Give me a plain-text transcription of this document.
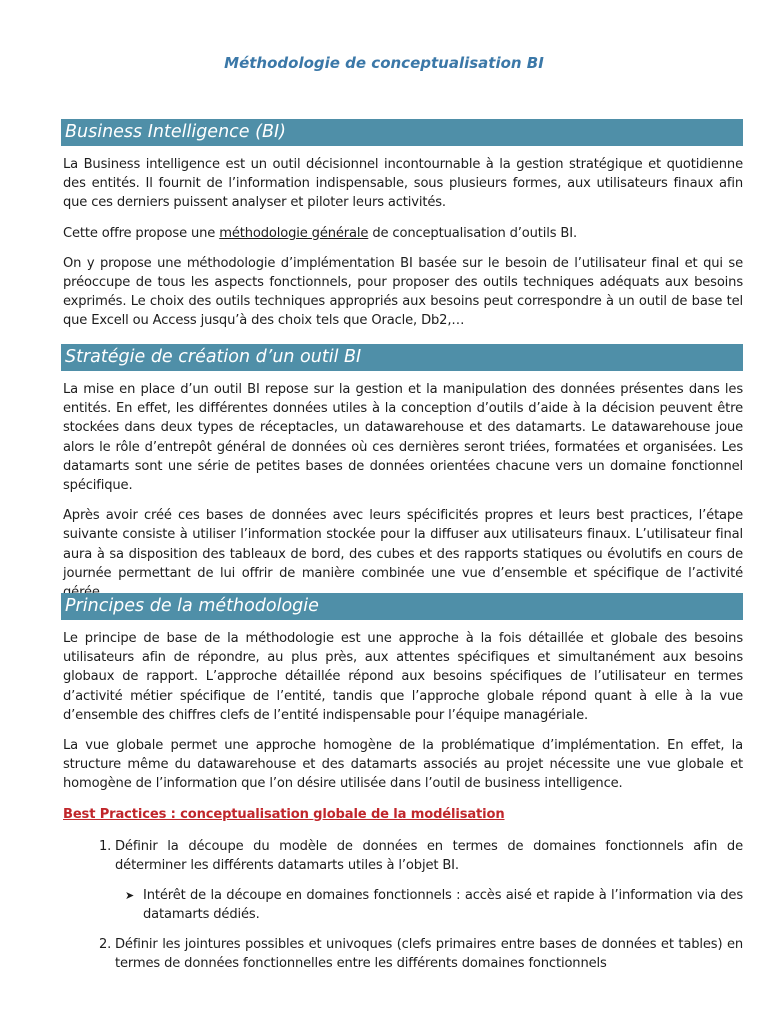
Méthodologie de conceptualisation BI
Business Intelligence (BI)

La Business intelligence est un outil décisionnel incontournable à la gestion stratégique et quotidienne des entités. Il fournit de l’information indispensable, sous plusieurs formes, aux utilisateurs finaux afin que ces derniers puissent analyser et piloter leurs activités.

Cette offre propose une méthodologie générale de conceptualisation d’outils BI.

On y propose une méthodologie d’implémentation BI basée sur le besoin de l’utilisateur final et qui se préoccupe de tous les aspects fonctionnels, pour proposer des outils techniques adéquats aux besoins exprimés. Le choix des outils techniques appropriés aux besoins peut correspondre à un outil de base tel que Excell ou Access jusqu’à des choix tels que Oracle, Db2,…

Stratégie de création d’un outil BI

La mise en place d’un outil BI repose sur la gestion et la manipulation des données présentes dans les entités. En effet, les différentes données utiles à la conception d’outils d’aide à la décision peuvent être stockées dans deux types de réceptacles, un datawarehouse et des datamarts. Le datawarehouse joue alors le rôle d’entrepôt général de données où ces dernières seront triées, formatées et organisées. Les datamarts sont une série de petites bases de données orientées chacune vers un domaine fonctionnel spécifique.

Après avoir créé ces bases de données avec leurs spécificités propres et leurs best practices, l’étape suivante consiste à utiliser l’information stockée pour la diffuser aux utilisateurs finaux. L’utilisateur final aura à sa disposition des tableaux de bord, des cubes et des rapports statiques ou évolutifs en cours de journée permettant de lui offrir de manière combinée une vue d’ensemble et spécifique de l’activité

Principes de la méthodologie

Le principe de base de la méthodologie est une approche à la fois détaillée et globale des besoins utilisateurs afin de répondre, au plus près, aux attentes spécifiques et simultanément aux besoins globaux de rapport. L’approche détaillée répond aux besoins spécifiques de l’utilisateur en termes d’activité métier spécifique de l’entité, tandis que l’approche globale répond quant à elle à la vue d’ensemble des chiffres clefs de l’entité indispensable pour l’équipe managériale.

La vue globale permet une approche homogène de la problématique d’implémentation. En effet, la structure même du datawarehouse et des datamarts associés au projet nécessite une vue globale et homogène de l’information que l’on désire utilisée dans l’outil de business intelligence.

Best Practices : conceptualisation globale de la modélisation
1. Définir la découpe du modèle de données en termes de domaines fonctionnels afin de déterminer les différents datamarts utiles à l’objet BI.
➤ Intérêt de la découpe en domaines fonctionnels : accès aisé et rapide à l’information via des datamarts dédiés.
2. Définir les jointures possibles et univoques (clefs primaires entre bases de données et tables) en termes de données fonctionnelles entre les différents domaines fonctionnels
